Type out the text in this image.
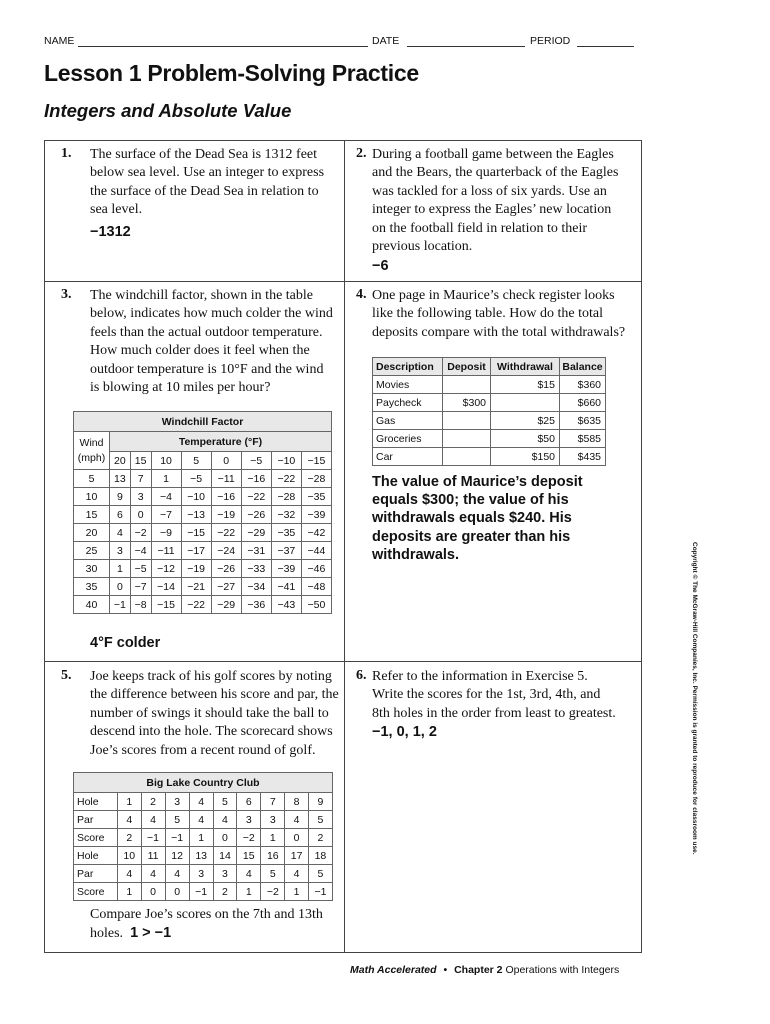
NAME	DATE	PERIOD
Lesson 1 Problem-Solving Practice
Integers and Absolute Value
1. The surface of the Dead Sea is 1312 feet
below sea level. Use an integer to express
the surface of the Dead Sea in relation to
sea level.
−1312
2. During a football game between the Eagles
and the Bears, the quarterback of the Eagles
was tackled for a loss of six yards. Use an
integer to express the Eagles’ new location
on the football field in relation to their
previous location.
−6
3. The windchill factor, shown in the table
below, indicates how much colder the wind
feels than the actual outdoor temperature.
How much colder does it feel when the
outdoor temperature is 10°F and the wind
is blowing at 10 miles per hour?
Windchill Factor								

Wind
(mph)	Temperature (°F)							
	20	15	10	5	0	−5	−10	−15
5	13	7	1	−5	−11	−16	−22	−28
10	9	3	−4	−10	−16	−22	−28	−35
15	6	0	−7	−13	−19	−26	−32	−39
20	4	−2	−9	−15	−22	−29	−35	−42
25	3	−4	−11	−17	−24	−31	−37	−44
30	1	−5	−12	−19	−26	−33	−39	−46
35	0	−7	−14	−21	−27	−34	−41	−48
40	−1	−8	−15	−22	−29	−36	−43	−50
4°F colder
4. One page in Maurice’s check register looks
like the following table. How do the total
deposits compare with the total withdrawals?
Description	Deposit	Withdrawal	Balance
Movies		$15	$360
Paycheck	$300		$660
Gas		$25	$635
Groceries		$50	$585
Car		$150	$435
The value of Maurice’s deposit
equals $300; the value of his
withdrawals equals $240. His
deposits are greater than his
withdrawals.
5. Joe keeps track of his golf scores by noting
the difference between his score and par, the
number of swings it should take the ball to
descend into the hole. The scorecard shows
Joe’s scores from a recent round of golf.
Big Lake Country Club									
Hole	1	2	3	4	5	6	7	8	9
Par	4	4	5	4	4	3	3	4	5
Score	2	−1	−1	1	0	−2	1	0	2
Hole	10	11	12	13	14	15	16	17	18
Par	4	4	4	3	3	4	5	4	5
Score	1	0	0	−1	2	1	−2	1	−1
Compare Joe’s scores on the 7th and 13th
holes. 1 > −1
6. Refer to the information in Exercise 5.
Write the scores for the 1st, 3rd, 4th, and
8th holes in the order from least to greatest.
−1, 0, 1, 2
Math Accelerated • Chapter 2 Operations with Integers
Copyright © The McGraw-Hill Companies, Inc. Permission is granted to reproduce for classroom use.
